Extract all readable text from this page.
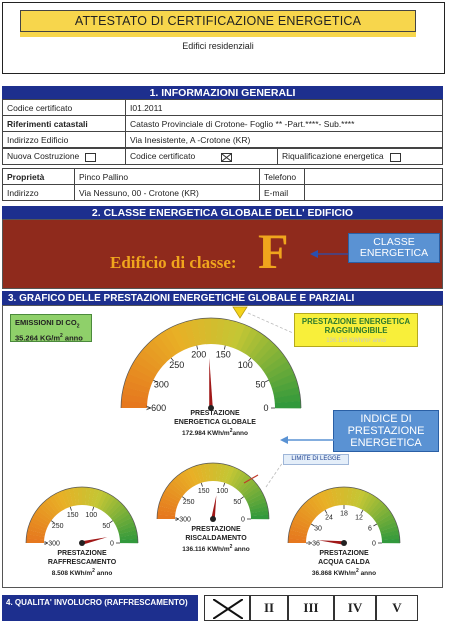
ATTESTATO DI CERTIFICAZIONE ENERGETICA
Edifici residenziali
1. INFORMAZIONI GENERALI
Codice certificato	I01.2011
Riferimenti catastali	Catasto Provinciale di Crotone- Foglio ** -Part.****- Sub.****
Indirizzo Edificio	Via Inesistente, A -Crotone (KR)
Nuova Costruzione	Codice certificato	Riqualificazione energetica
Proprietà	Pinco Pallino	Telefono	
Indirizzo	Via Nessuno, 00 - Crotone (KR)	E-mail	
2. CLASSE ENERGETICA GLOBALE DELL' EDIFICIO
Edificio di classe: F	CLASSE ENERGETICA
3. GRAFICO DELLE PRESTAZIONI ENERGETICHE GLOBALE E PARZIALI
EMISSIONI DI $CO_2$
35.264 $KG/m^2$ anno
PRESTAZIONE ENERGETICA RAGGIUNGIBILE
136.116 KWh/m² anno
>600
300
250
200 150
100
50
0
>300
250
150 100
50
0
>300
250
150 100
50
0
>36
30
24
18
12
6
0
INDICE DI PRESTAZIONE ENERGETICA
LIMITE DI LEGGE
PRESTAZIONE
ENERGETICA GLOBALE
172.984 KWh/$m^2anno$
PRESTAZIONE
RAFFRESCAMENTO
8.508 KWh/$m^2$ anno
PRESTAZIONE
RISCALDAMENTO
136.116 KWh/$m^2$ anno
PRESTAZIONE
ACQUA CALDA
36.868 KWh/$m^2$ anno
4. QUALITA' INVOLUCRO (RAFFRESCAMENTO)	II	III	IV	V
